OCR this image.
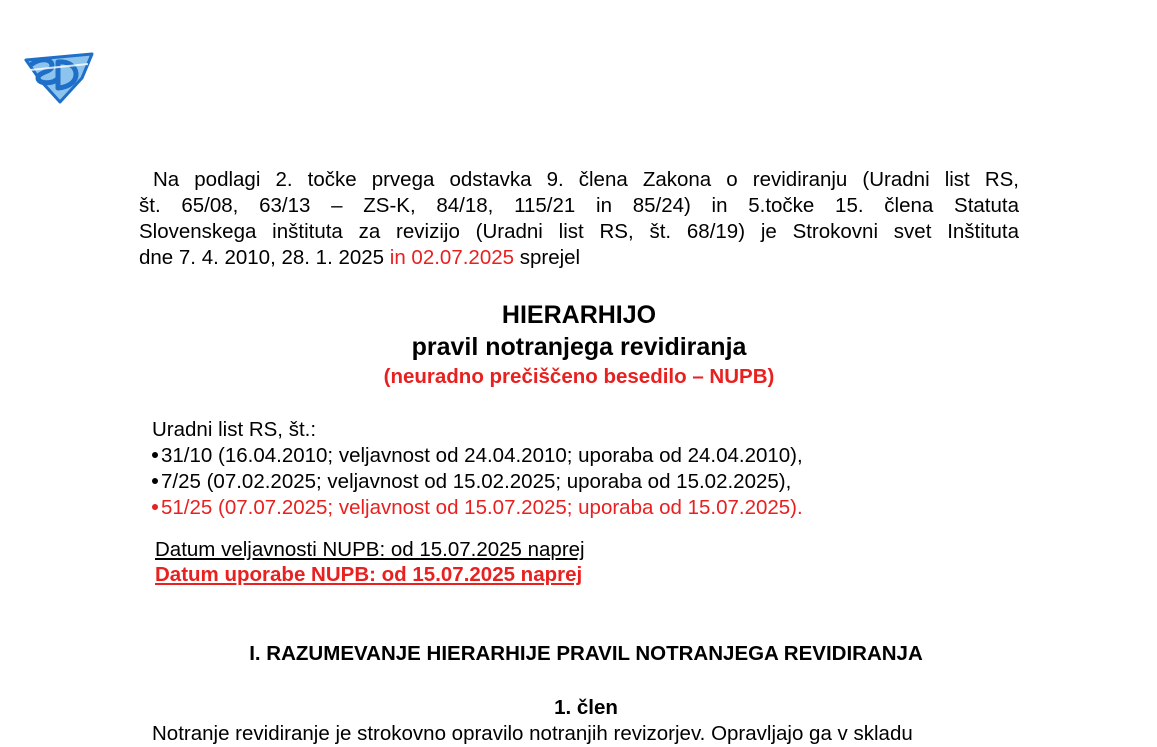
Na podlagi 2. točke prvega odstavka 9. člena Zakona o revidiranju (Uradni list RS,
št. 65/08, 63/13 – ZS-K, 84/18, 115/21 in 85/24) in 5.točke 15. člena Statuta
Slovenskega inštituta za revizijo (Uradni list RS, št. 68/19) je Strokovni svet Inštituta
dne 7. 4. 2010, 28. 1. 2025 in 02.07.2025 sprejel
HIERARHIJO
pravil notranjega revidiranja
(neuradno prečiščeno besedilo – NUPB)
Uradni list RS, št.:
31/10 (16.04.2010; veljavnost od 24.04.2010; uporaba od 24.04.2010),
7/25 (07.02.2025; veljavnost od 15.02.2025; uporaba od 15.02.2025),
51/25 (07.07.2025; veljavnost od 15.07.2025; uporaba od 15.07.2025).
Datum veljavnosti NUPB: od 15.07.2025 naprej
Datum uporabe NUPB: od 15.07.2025 naprej
I. RAZUMEVANJE HIERARHIJE PRAVIL NOTRANJEGA REVIDIRANJA
1. člen
Notranje revidiranje je strokovno opravilo notranjih revizorjev. Opravljajo ga v skladu
